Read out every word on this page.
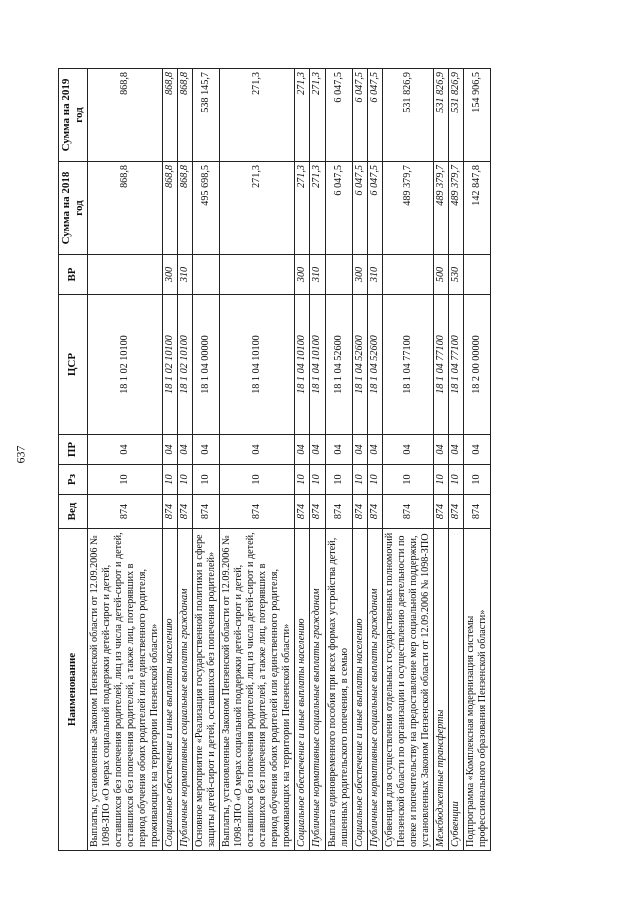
637
Наименование	Вед	Рз	ПР	ЦСР	ВР	Сумма на 2018 год	Сумма на 2019 год
Выплаты, установленные Законом Пензенской области от 12.09.2006 № 1098-ЗПО «О мерах социальной поддержки детей-сирот и детей, оставшихся без попечения родителей, лиц из числа детей-сирот и детей, оставшихся без попечения родителей, а также лиц, потерявших в период обучения обоих родителей или единственного родителя, проживающих на территории Пензенской области»	874	10	04	18 1 02 10100		868,8	868,8
Социальное обеспечение и иные выплаты населению	874	10	04	18 1 02 10100	300	868,8	868,8
Публичные нормативные социальные выплаты гражданам	874	10	04	18 1 02 10100	310	868,8	868,8
Основное мероприятие «Реализация государственной политики в сфере защиты детей-сирот и детей, оставшихся без попечения родителей»	874	10	04	18 1 04 00000		495 698,5	538 145,7
Выплаты, установленные Законом Пензенской области от 12.09.2006 № 1098-ЗПО «О мерах социальной поддержки детей-сирот и детей, оставшихся без попечения родителей, лиц из числа детей-сирот и детей, оставшихся без попечения родителей, а также лиц, потерявших в период обучения обоих родителей или единственного родителя, проживающих на территории Пензенской области»	874	10	04	18 1 04 10100		271,3	271,3
Социальное обеспечение и иные выплаты населению	874	10	04	18 1 04 10100	300	271,3	271,3
Публичные нормативные социальные выплаты гражданам	874	10	04	18 1 04 10100	310	271,3	271,3
Выплата единовременного пособия при всех формах устройства детей, лишенных родительского попечения, в семью	874	10	04	18 1 04 52600		6 047,5	6 047,5
Социальное обеспечение и иные выплаты населению	874	10	04	18 1 04 52600	300	6 047,5	6 047,5
Публичные нормативные социальные выплаты гражданам	874	10	04	18 1 04 52600	310	6 047,5	6 047,5
Субвенция для осуществления отдельных государственных полномочий Пензенской области по организации и осуществлению деятельности по опеке и попечительству на предоставление мер социальной поддержки, установленных Законом Пензенской области от 12.09.2006 № 1098-ЗПО	874	10	04	18 1 04 77100		489 379,7	531 826,9
Межбюджетные трансферты	874	10	04	18 1 04 77100	500	489 379,7	531 826,9
Субвенции	874	10	04	18 1 04 77100	530	489 379,7	531 826,9
Подпрограмма «Комплексная модернизация системы профессионального образования Пензенской области»	874	10	04	18 2 00 00000		142 847,8	154 906,5
